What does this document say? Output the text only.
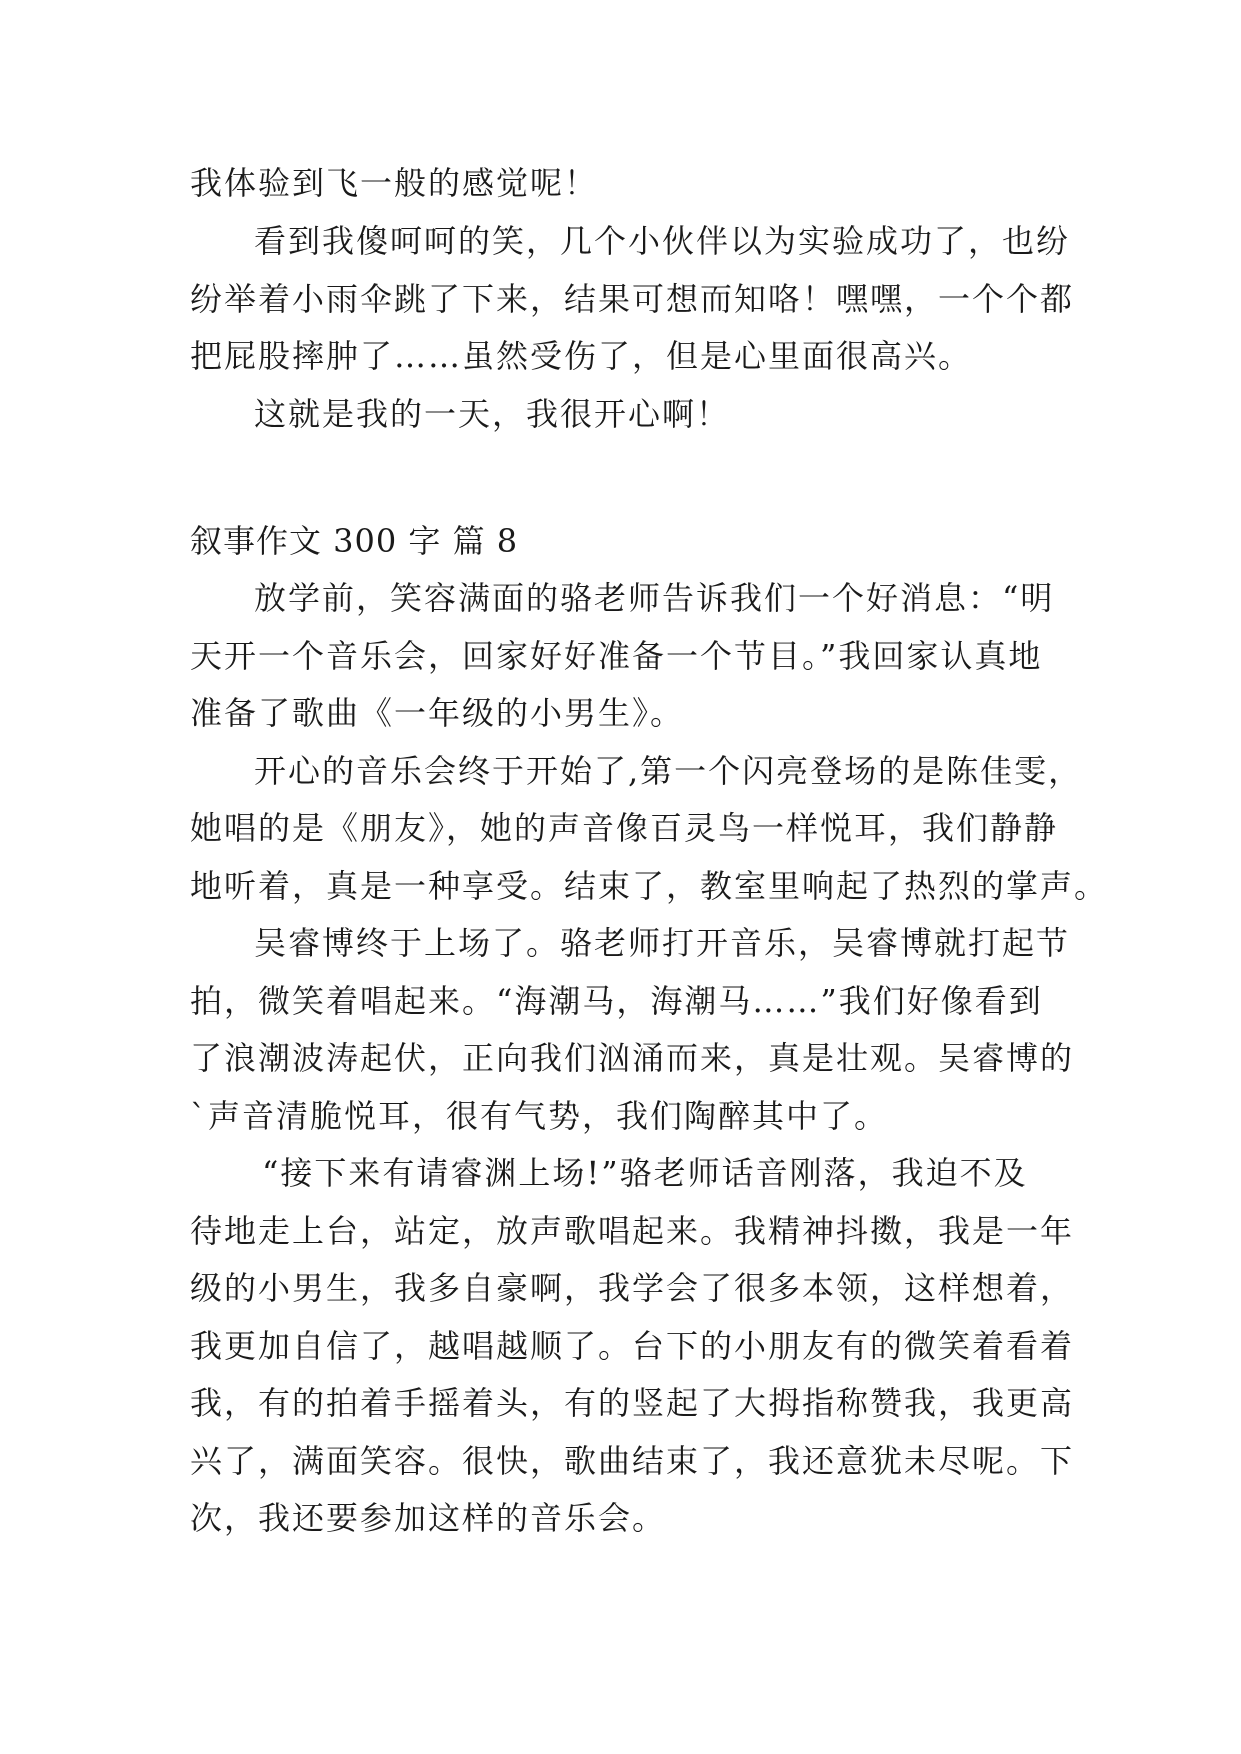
我体验到飞一般的感觉呢！
看到我傻呵呵的笑，几个小伙伴以为实验成功了，也纷
纷举着小雨伞跳了下来，结果可想而知咯！嘿嘿，一个个都
把屁股摔肿了……虽然受伤了，但是心里面很高兴。
这就是我的一天，我很开心啊！
叙事作文 300 字 篇 8
放学前，笑容满面的骆老师告诉我们一个好消息：“明
天开一个音乐会，回家好好准备一个节目。”我回家认真地
准备了歌曲《一年级的小男生》。
开心的音乐会终于开始了,第一个闪亮登场的是陈佳雯，
她唱的是《朋友》，她的声音像百灵鸟一样悦耳，我们静静
地听着，真是一种享受。结束了，教室里响起了热烈的掌声。
吴睿博终于上场了。骆老师打开音乐，吴睿博就打起节
拍，微笑着唱起来。“海潮马，海潮马……”我们好像看到
了浪潮波涛起伏，正向我们汹涌而来，真是壮观。吴睿博的
`声音清脆悦耳，很有气势，我们陶醉其中了。
“接下来有请睿渊上场!”骆老师话音刚落，我迫不及
待地走上台，站定，放声歌唱起来。我精神抖擞，我是一年
级的小男生，我多自豪啊，我学会了很多本领，这样想着，
我更加自信了，越唱越顺了。台下的小朋友有的微笑着看着
我，有的拍着手摇着头，有的竖起了大拇指称赞我，我更高
兴了，满面笑容。很快，歌曲结束了，我还意犹未尽呢。下
次，我还要参加这样的音乐会。
